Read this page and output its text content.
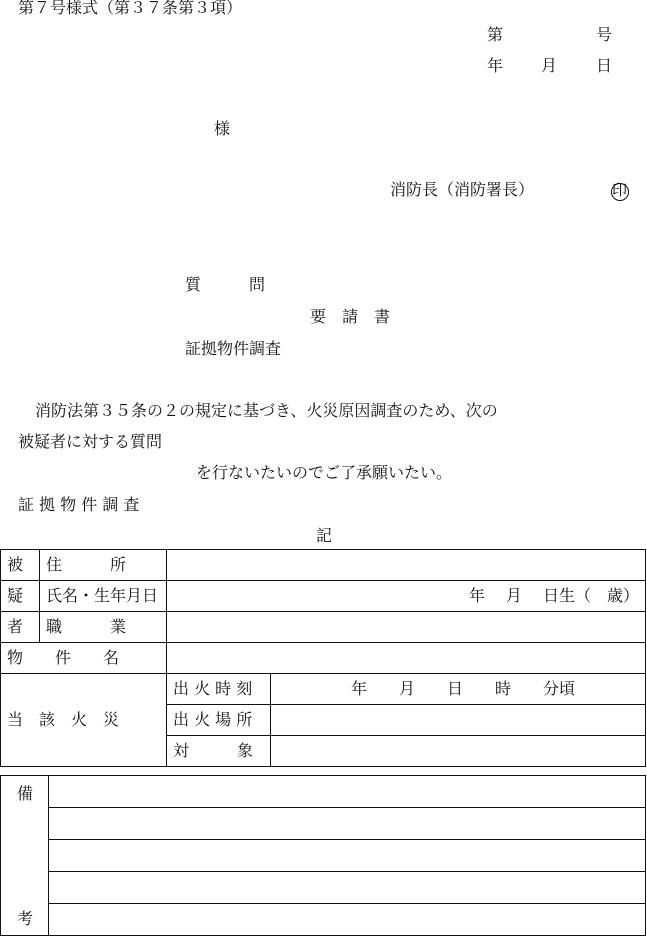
第７号様式（第３７条第３項）
第	号
年 月 日
様
消防長（消防署長）	印
質　　　問
要　請　書
証拠物件調査
消防法第３５条の２の規定に基づき、火災原因調査のため、次の
被疑者に対する質問
を行ないたいのでご了承願いたい。
証 拠 物 件 調 査
記
被	住　　　所		
疑	氏名・生年月日	年　 月　 日生（　歳）	
者	職　　　業		
物　　件　　名			
当　該　火　災		出 火 時 刻	年　　月　　日　　時　　分頃
		出 火 場 所	
		対　　　象	
備
考
